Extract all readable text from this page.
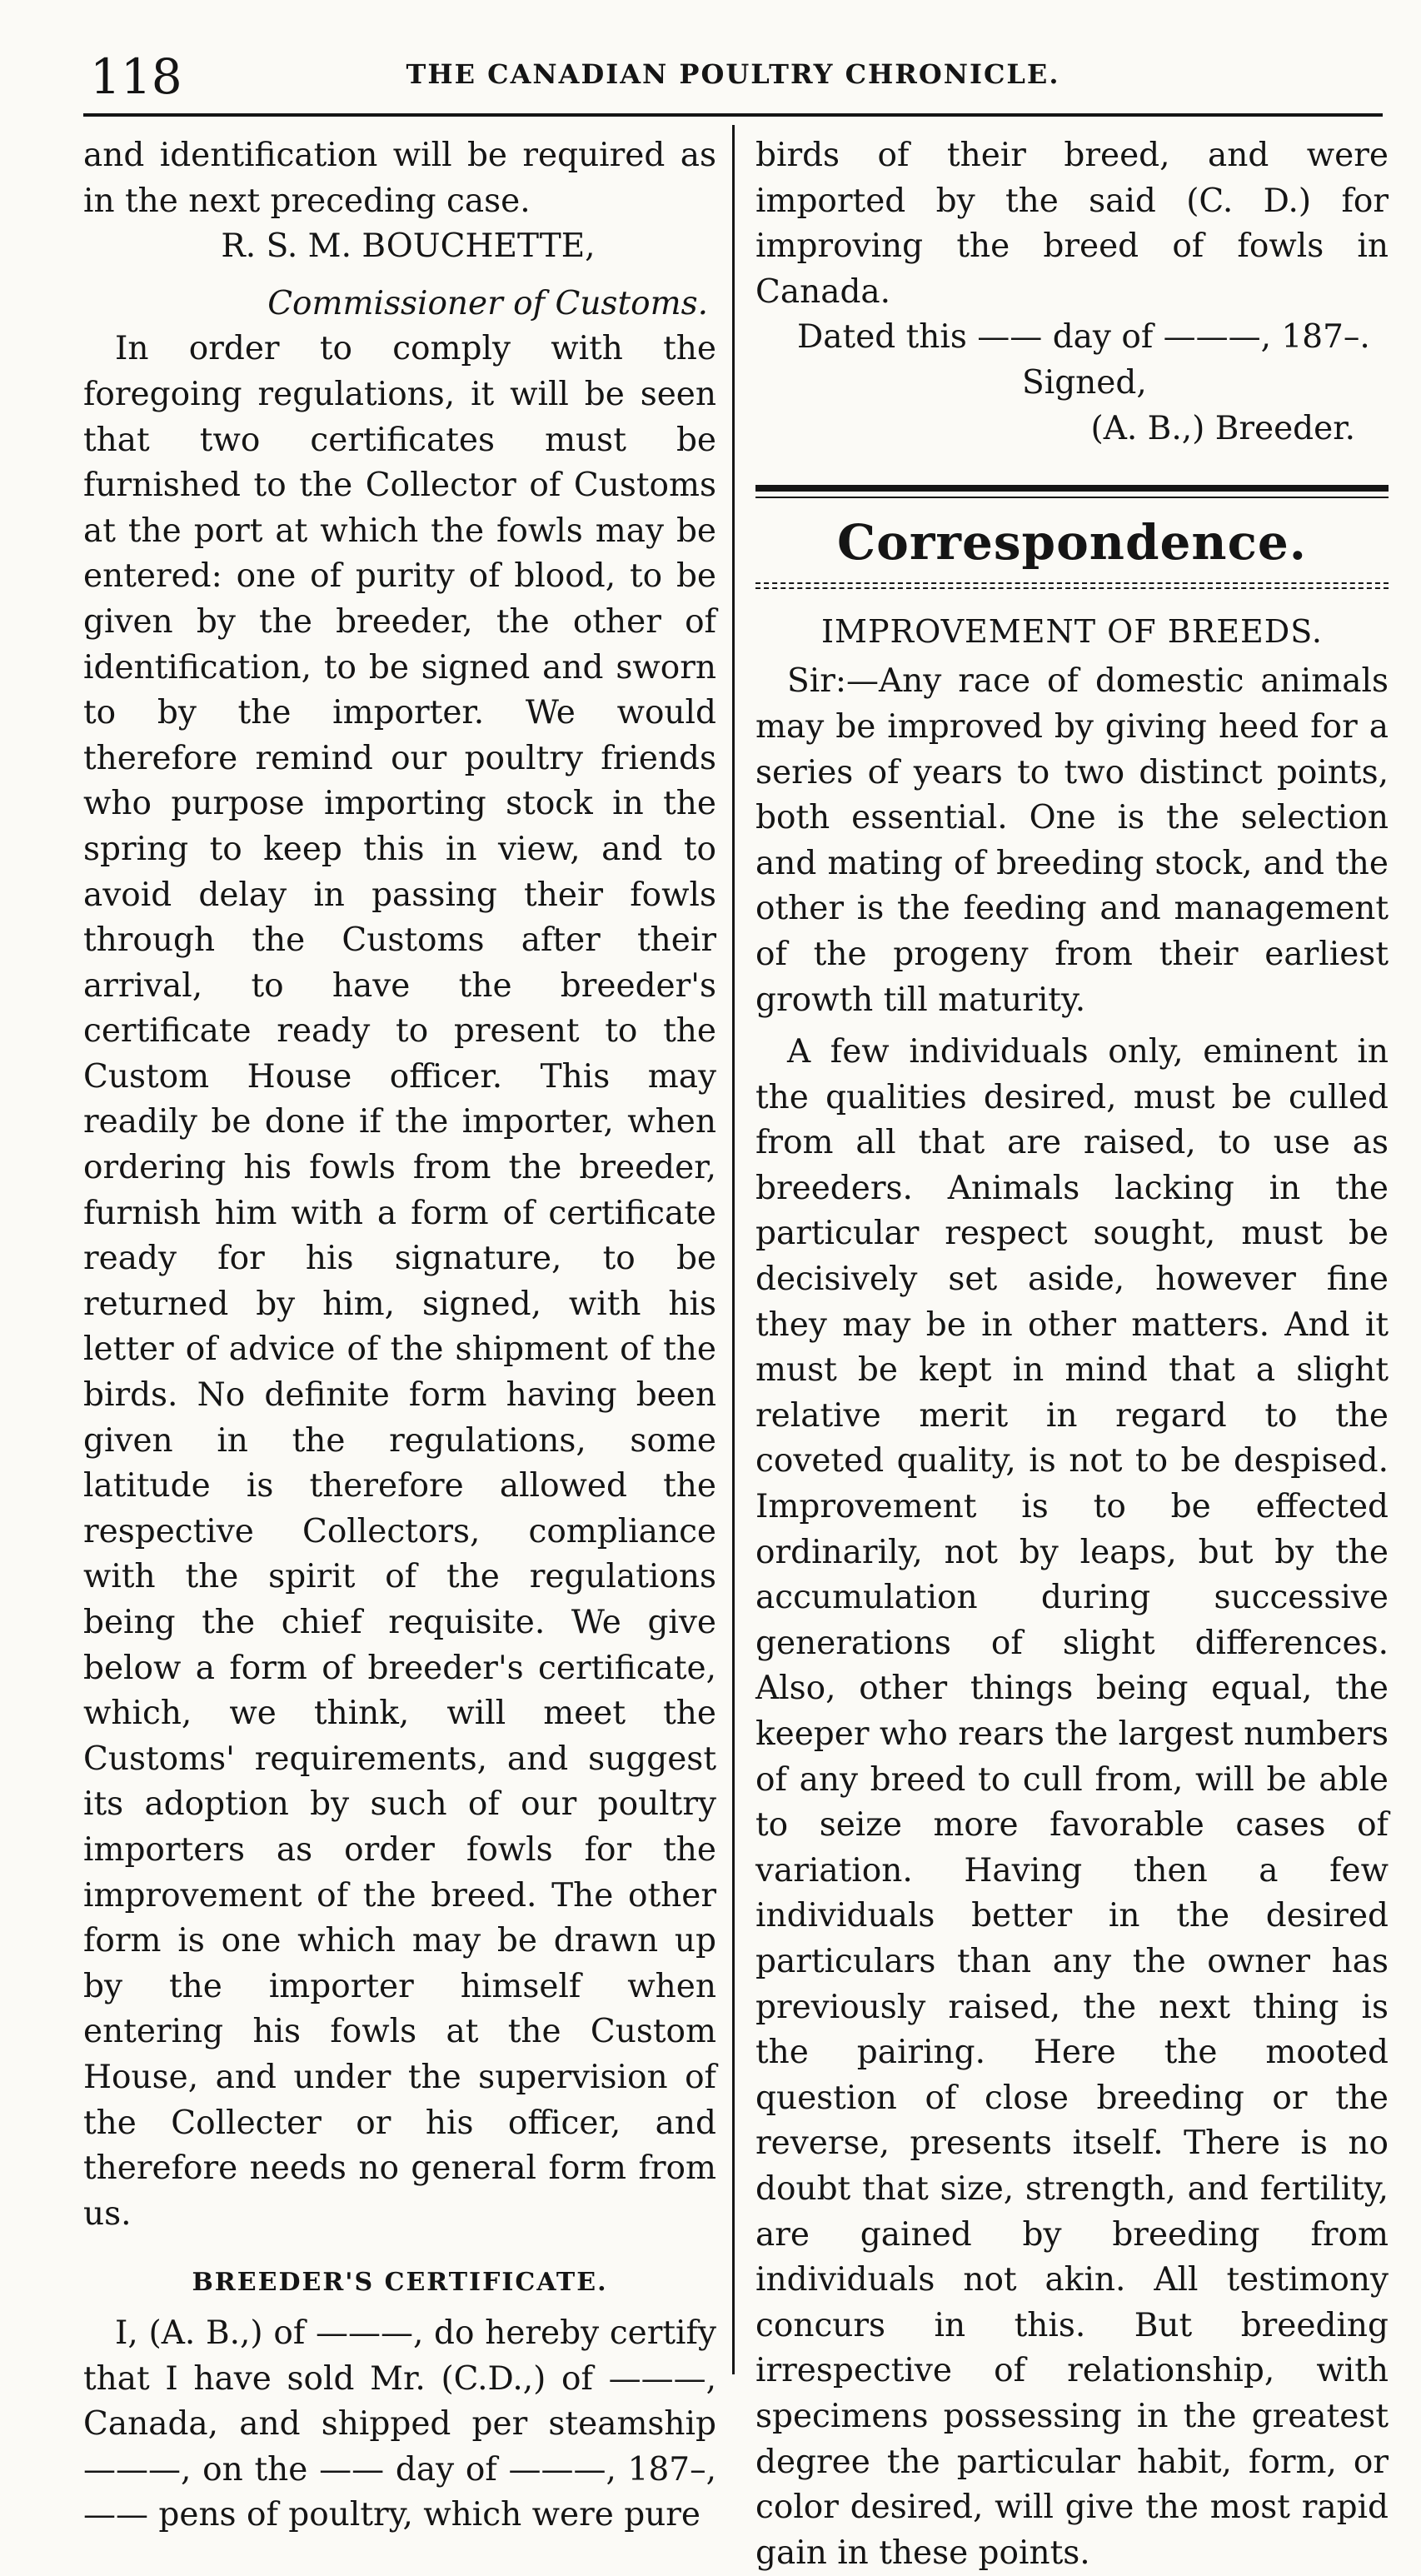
118	THE CANADIAN POULTRY CHRONICLE.

and identification will be required as in the next preceding case.

R. S. M. BOUCHETTE,

Commissioner of Customs.

In order to comply with the foregoing regulations, it will be seen that two certificates must be furnished to the Collector of Customs at the port at which the fowls may be entered: one of purity of blood, to be given by the breeder, the other of identification, to be signed and sworn to by the importer. We would therefore remind our poultry friends who purpose importing stock in the spring to keep this in view, and to avoid delay in passing their fowls through the Customs after their arrival, to have the breeder's certificate ready to present to the Custom House officer. This may readily be done if the importer, when ordering his fowls from the breeder, furnish him with a form of certificate ready for his signature, to be returned by him, signed, with his letter of advice of the shipment of the birds. No definite form having been given in the regulations, some latitude is therefore allowed the respective Collectors, compliance with the spirit of the regulations being the chief requisite. We give below a form of breeder's certificate, which, we think, will meet the Customs' requirements, and suggest its adoption by such of our poultry importers as order fowls for the improvement of the breed. The other form is one which may be drawn up by the importer himself when entering his fowls at the Custom House, and under the supervision of the Collecter or his officer, and therefore needs no general form from us.

BREEDER'S CERTIFICATE.

I, (A. B.,) of ———, do hereby certify that I have sold Mr. (C.D.,) of ———, Canada, and shipped per steamship ———, on the —— day of ———, 187–, —— pens of poultry, which were pure

birds of their breed, and were imported by the said (C. D.) for improving the breed of fowls in Canada.

Dated this —— day of ———, 187–.

Signed,

(A. B.,) Breeder.

Correspondence.
IMPROVEMENT OF BREEDS.

Sir:—Any race of domestic animals may be improved by giving heed for a series of years to two distinct points, both essential. One is the selection and mating of breeding stock, and the other is the feeding and management of the progeny from their earliest growth till maturity.

A few individuals only, eminent in the qualities desired, must be culled from all that are raised, to use as breeders. Animals lacking in the particular respect sought, must be decisively set aside, however fine they may be in other matters. And it must be kept in mind that a slight relative merit in regard to the coveted quality, is not to be despised. Improvement is to be effected ordinarily, not by leaps, but by the accumulation during successive generations of slight differences. Also, other things being equal, the keeper who rears the largest numbers of any breed to cull from, will be able to seize more favorable cases of variation. Having then a few individuals better in the desired particulars than any the owner has previously raised, the next thing is the pairing. Here the mooted question of close breeding or the reverse, presents itself. There is no doubt that size, strength, and fertility, are gained by breeding from individuals not akin. All testimony concurs in this. But breeding irrespective of relationship, with specimens possessing in the greatest degree the particular habit, form, or color desired, will give the most rapid gain in these points.
